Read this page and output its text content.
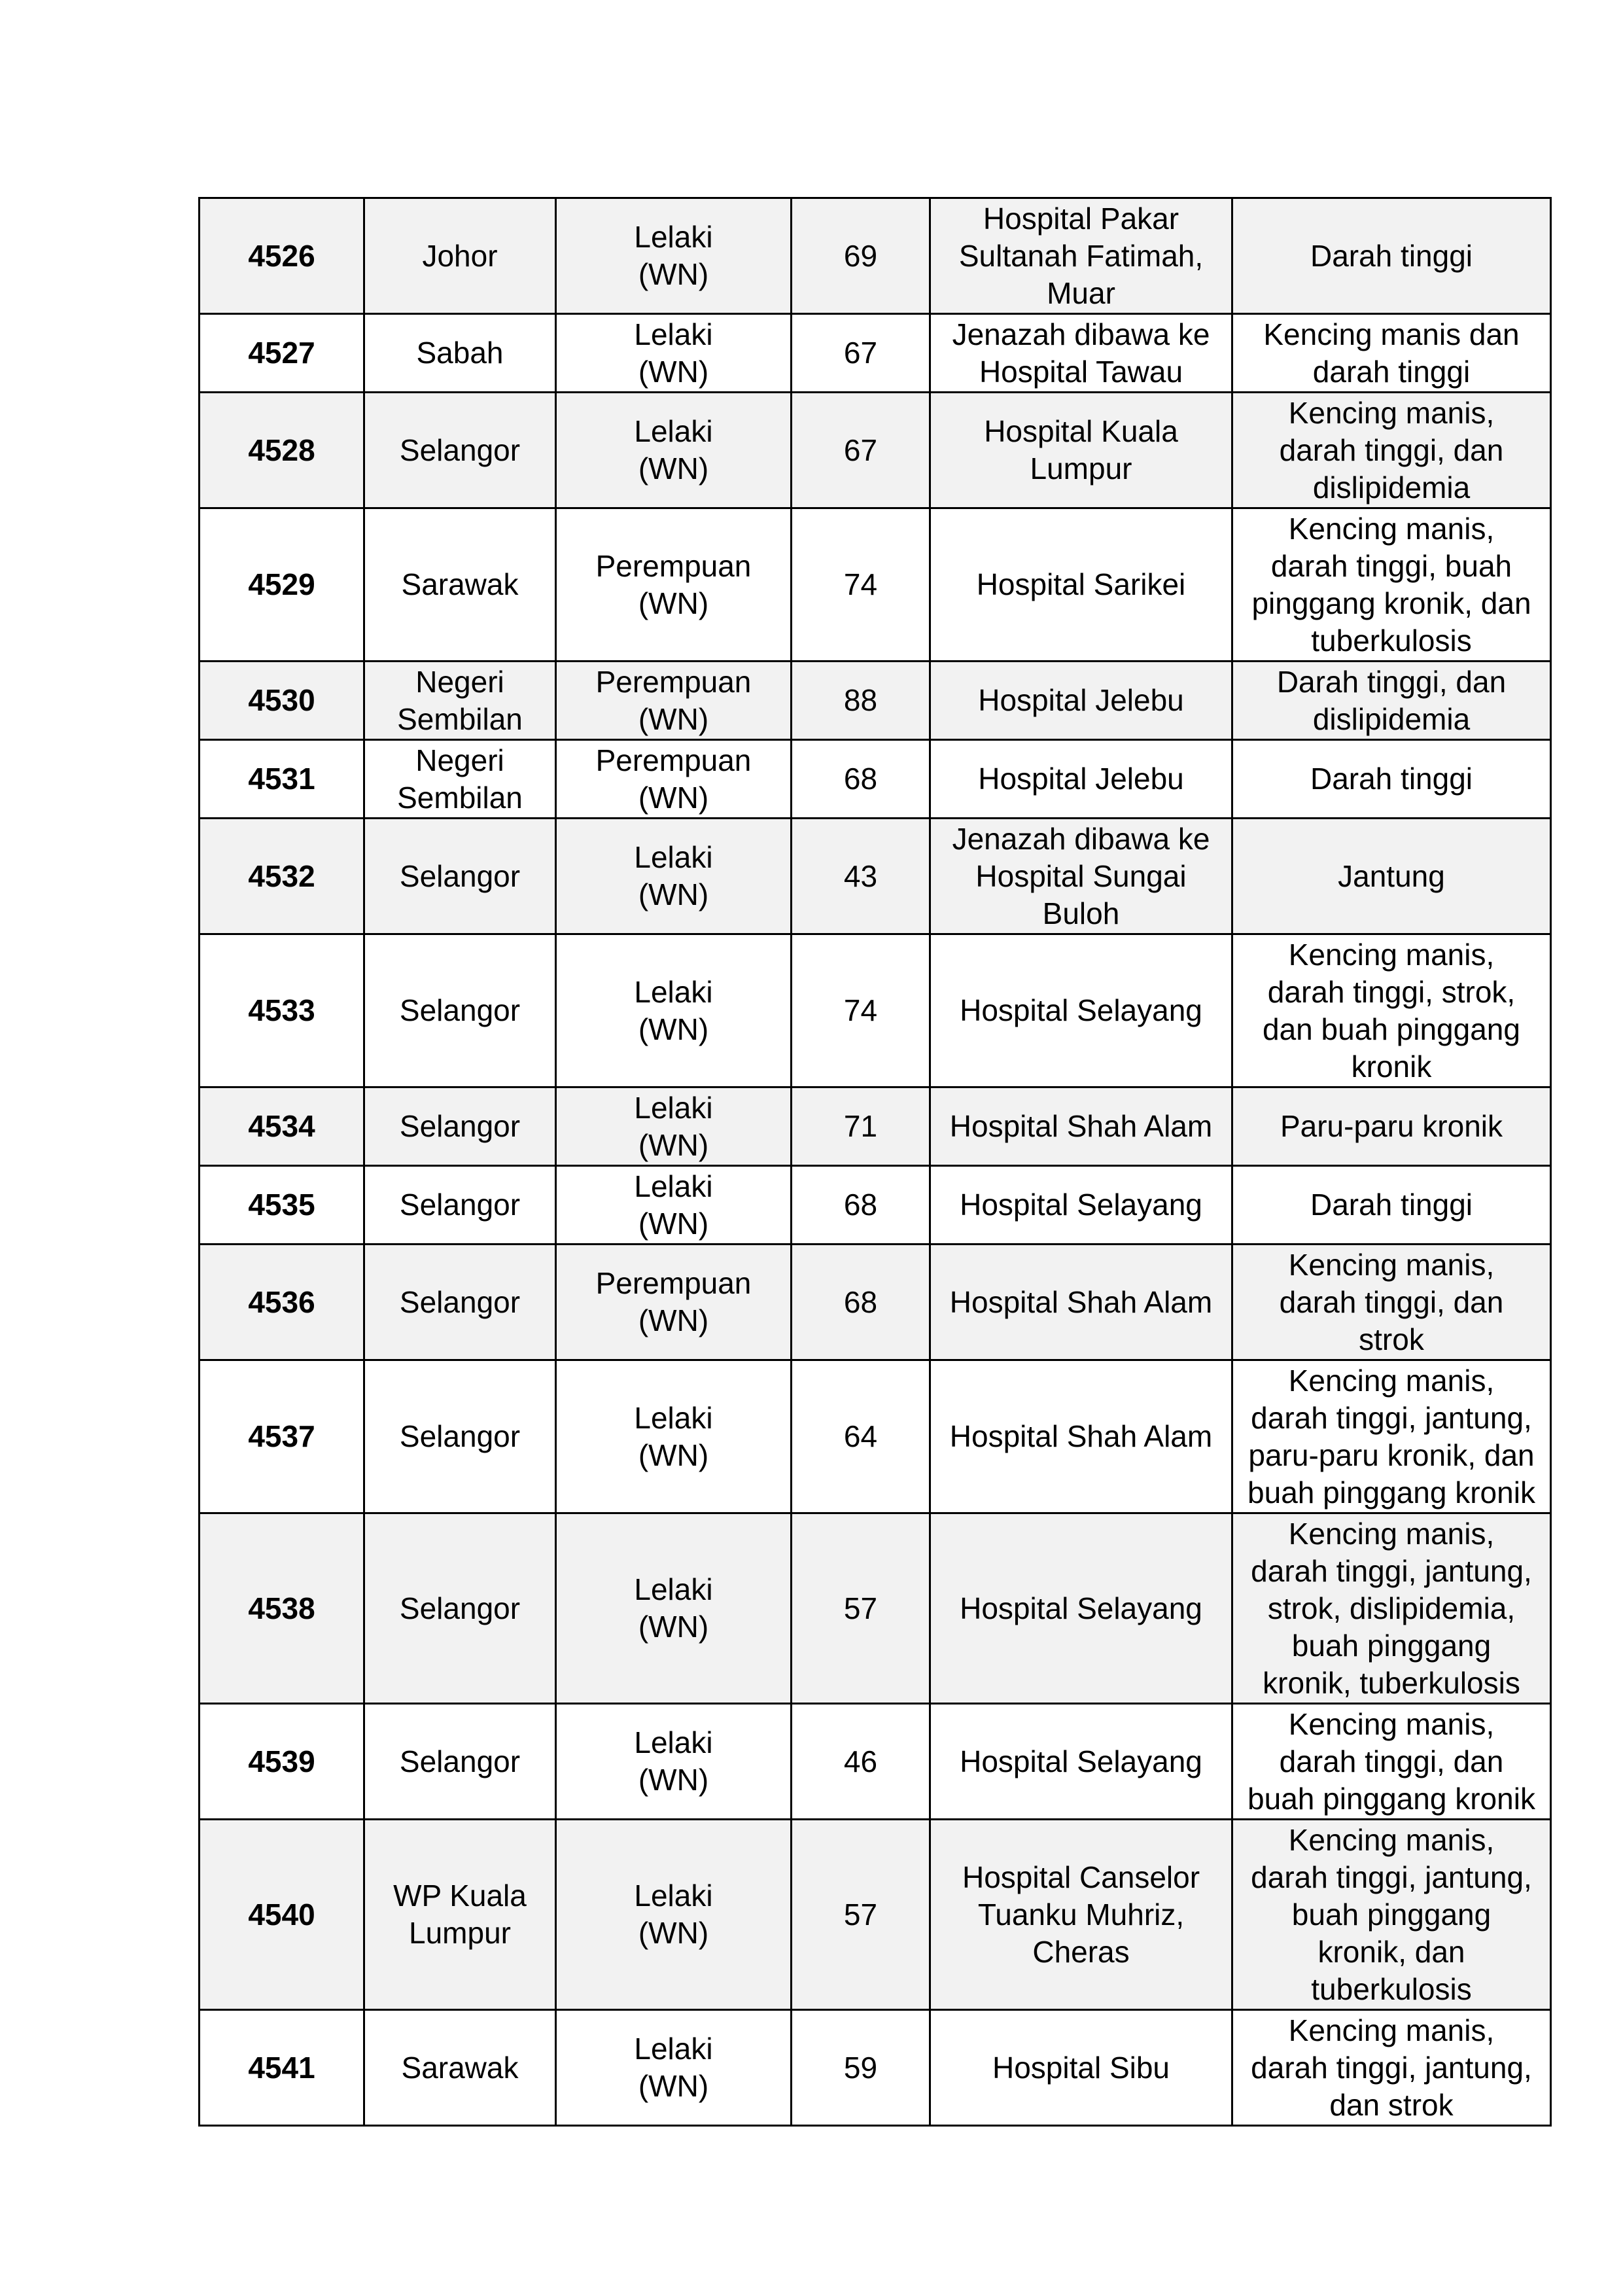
4526	Johor	Lelaki
(WN)	69	Hospital Pakar
Sultanah Fatimah,
Muar	Darah tinggi

4527	Sabah	Lelaki
(WN)	67	Jenazah dibawa ke
Hospital Tawau	Kencing manis dan
darah tinggi

4528	Selangor	Lelaki
(WN)	67	Hospital Kuala
Lumpur	Kencing manis,
darah tinggi, dan
dislipidemia

4529	Sarawak	Perempuan
(WN)	74	Hospital Sarikei	Kencing manis,
darah tinggi, buah
pinggang kronik, dan
tuberkulosis

4530	Negeri
Sembilan	Perempuan
(WN)	88	Hospital Jelebu	Darah tinggi, dan
dislipidemia

4531	Negeri
Sembilan	Perempuan
(WN)	68	Hospital Jelebu	Darah tinggi

4532	Selangor	Lelaki
(WN)	43	Jenazah dibawa ke
Hospital Sungai
Buloh	Jantung

4533	Selangor	Lelaki
(WN)	74	Hospital Selayang	Kencing manis,
darah tinggi, strok,
dan buah pinggang
kronik

4534	Selangor	Lelaki
(WN)	71	Hospital Shah Alam	Paru-paru kronik

4535	Selangor	Lelaki
(WN)	68	Hospital Selayang	Darah tinggi

4536	Selangor	Perempuan
(WN)	68	Hospital Shah Alam	Kencing manis,
darah tinggi, dan
strok

4537	Selangor	Lelaki
(WN)	64	Hospital Shah Alam	Kencing manis,
darah tinggi, jantung,
paru-paru kronik, dan
buah pinggang kronik

4538	Selangor	Lelaki
(WN)	57	Hospital Selayang	Kencing manis,
darah tinggi, jantung,
strok, dislipidemia,
buah pinggang
kronik, tuberkulosis

4539	Selangor	Lelaki
(WN)	46	Hospital Selayang	Kencing manis,
darah tinggi, dan
buah pinggang kronik

4540	WP Kuala
Lumpur	Lelaki
(WN)	57	Hospital Canselor
Tuanku Muhriz,
Cheras	Kencing manis,
darah tinggi, jantung,
buah pinggang
kronik, dan
tuberkulosis

4541	Sarawak	Lelaki
(WN)	59	Hospital Sibu	Kencing manis,
darah tinggi, jantung,
dan strok
